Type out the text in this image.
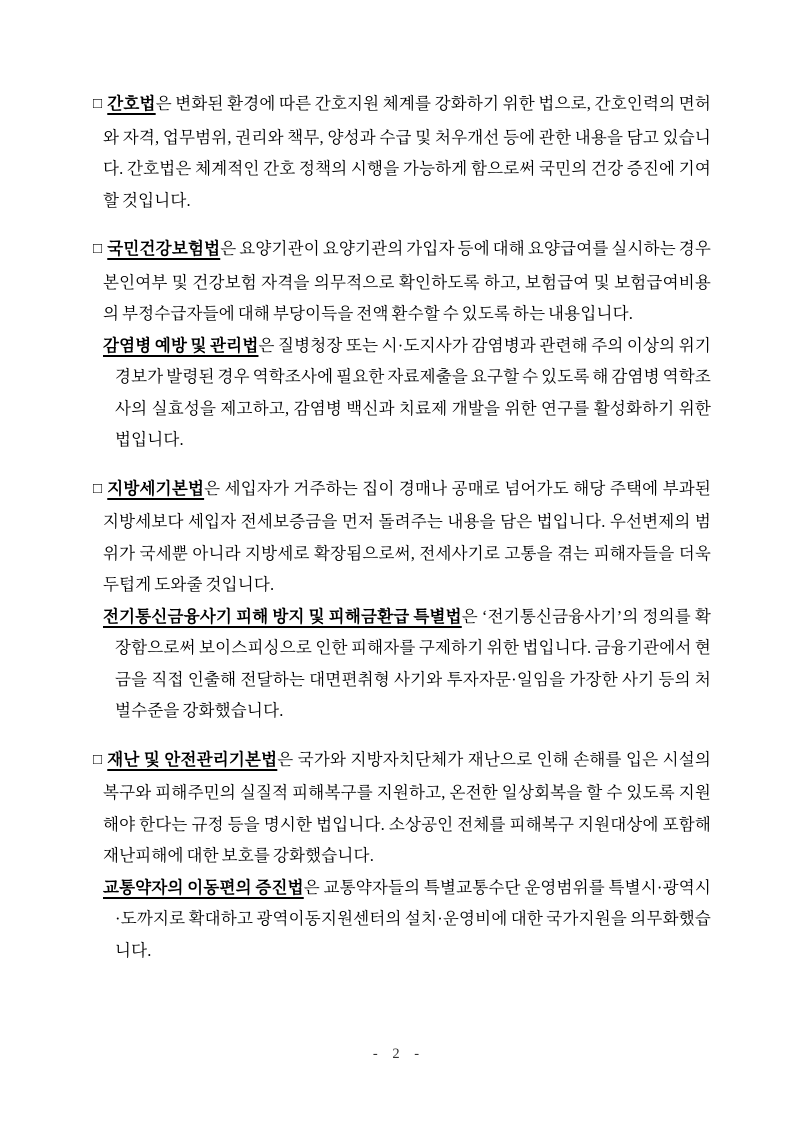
□ 간호법은 변화된 환경에 따른 간호지원 체계를 강화하기 위한 법으로, 간호인력의 면허와 자격, 업무범위, 권리와 책무, 양성과 수급 및 처우개선 등에 관한 내용을 담고 있습니다. 간호법은 체계적인 간호 정책의 시행을 가능하게 함으로써 국민의 건강 증진에 기여할 것입니다.

□ 국민건강보험법은 요양기관이 요양기관의 가입자 등에 대해 요양급여를 실시하는 경우 본인여부 및 건강보험 자격을 의무적으로 확인하도록 하고, 보험급여 및 보험급여비용의 부정수급자들에 대해 부당이득을 전액 환수할 수 있도록 하는 내용입니다.

감염병 예방 및 관리법은 질병청장 또는 시·도지사가 감염병과 관련해 주의 이상의 위기경보가 발령된 경우 역학조사에 필요한 자료제출을 요구할 수 있도록 해 감염병 역학조사의 실효성을 제고하고, 감염병 백신과 치료제 개발을 위한 연구를 활성화하기 위한 법입니다.

□ 지방세기본법은 세입자가 거주하는 집이 경매나 공매로 넘어가도 해당 주택에 부과된 지방세보다 세입자 전세보증금을 먼저 돌려주는 내용을 담은 법입니다. 우선변제의 범위가 국세뿐 아니라 지방세로 확장됨으로써, 전세사기로 고통을 겪는 피해자들을 더욱 두텁게 도와줄 것입니다.

전기통신금융사기 피해 방지 및 피해금환급 특별법은 ‘전기통신금융사기’의 정의를 확장함으로써 보이스피싱으로 인한 피해자를 구제하기 위한 법입니다. 금융기관에서 현금을 직접 인출해 전달하는 대면편취형 사기와 투자자문·일임을 가장한 사기 등의 처벌수준을 강화했습니다.

□ 재난 및 안전관리기본법은 국가와 지방자치단체가 재난으로 인해 손해를 입은 시설의 복구와 피해주민의 실질적 피해복구를 지원하고, 온전한 일상회복을 할 수 있도록 지원해야 한다는 규정 등을 명시한 법입니다. 소상공인 전체를 피해복구 지원대상에 포함해 재난피해에 대한 보호를 강화했습니다.

교통약자의 이동편의 증진법은 교통약자들의 특별교통수단 운영범위를 특별시·광역시·도까지로 확대하고 광역이동지원센터의 설치·운영비에 대한 국가지원을 의무화했습니다.

- 2 -
